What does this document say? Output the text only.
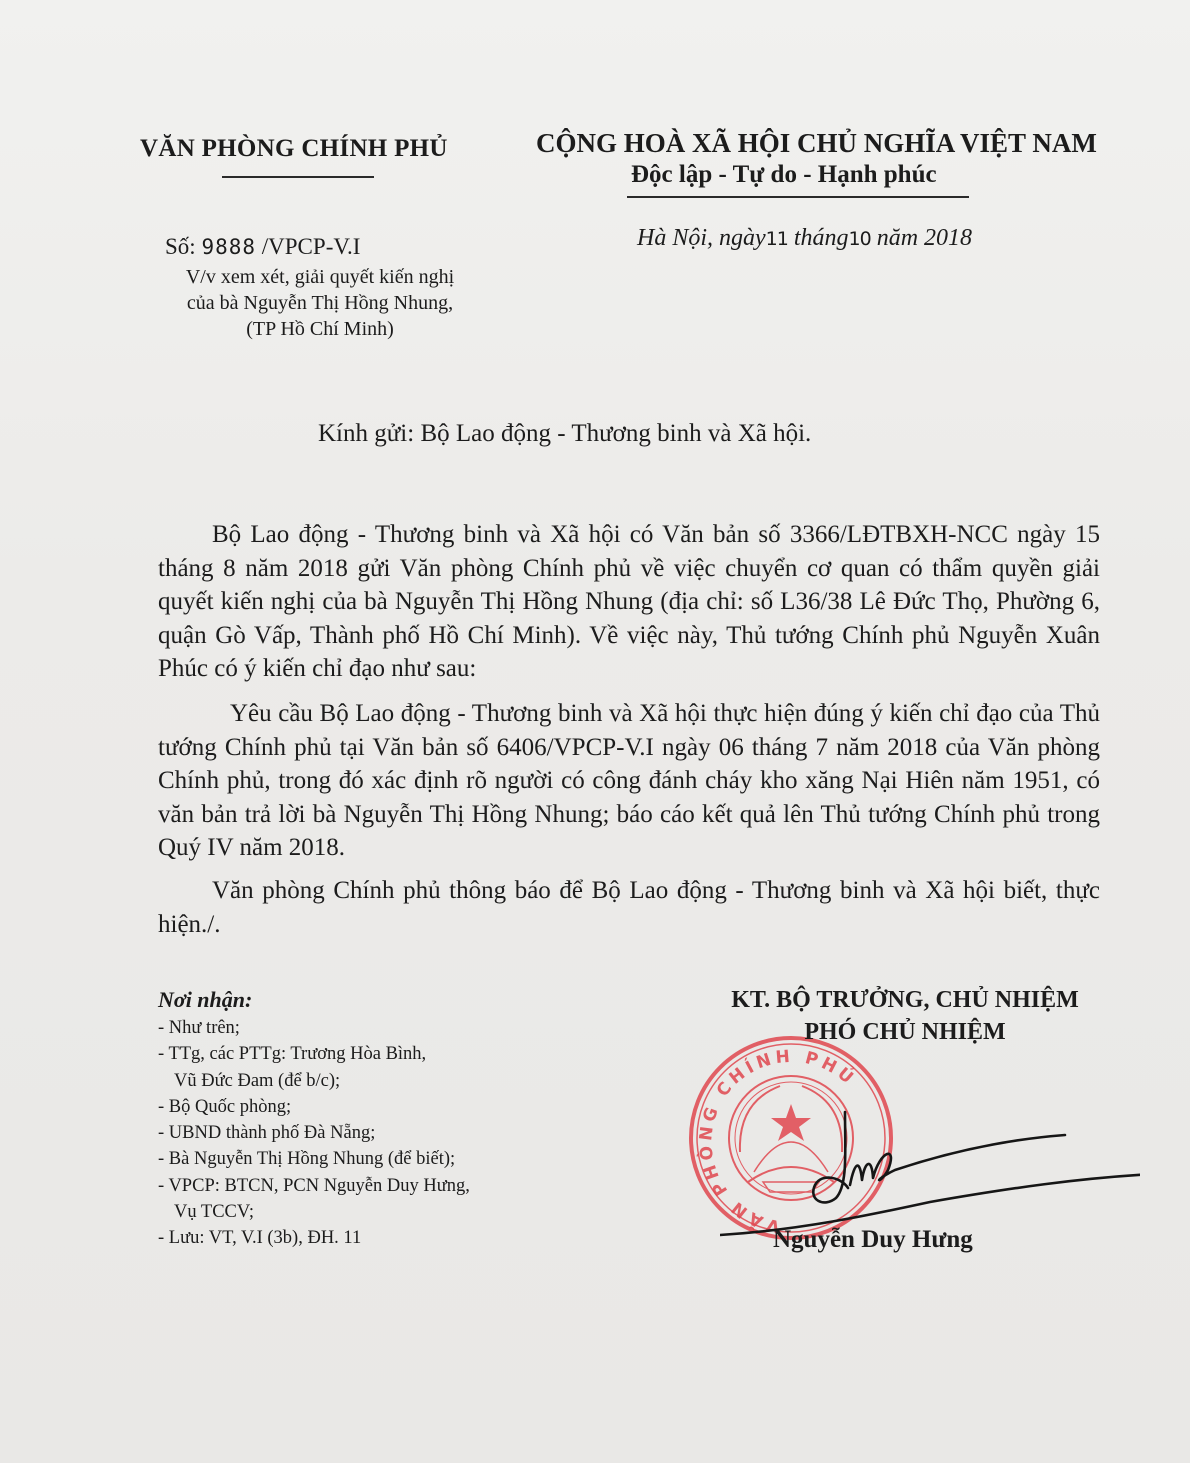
VĂN PHÒNG CHÍNH PHỦ	CỘNG HOÀ XÃ HỘI CHỦ NGHĨA VIỆT NAM
Độc lập - Tự do - Hạnh phúc
Số: 9888 /VPCP-V.I
V/v xem xét, giải quyết kiến nghị
của bà Nguyễn Thị Hồng Nhung,
(TP Hồ Chí Minh)
Hà Nội, ngày11 tháng10 năm 2018
Kính gửi: Bộ Lao động - Thương binh và Xã hội.
Bộ Lao động - Thương binh và Xã hội có Văn bản số 3366/LĐTBXH-NCC ngày 15 tháng 8 năm 2018 gửi Văn phòng Chính phủ về việc chuyển cơ quan có thẩm quyền giải quyết kiến nghị của bà Nguyễn Thị Hồng Nhung (địa chỉ: số L36/38 Lê Đức Thọ, Phường 6, quận Gò Vấp, Thành phố Hồ Chí Minh). Về việc này, Thủ tướng Chính phủ Nguyễn Xuân Phúc có ý kiến chỉ đạo như sau:
Yêu cầu Bộ Lao động - Thương binh và Xã hội thực hiện đúng ý kiến chỉ đạo của Thủ tướng Chính phủ tại Văn bản số 6406/VPCP-V.I ngày 06 tháng 7 năm 2018 của Văn phòng Chính phủ, trong đó xác định rõ người có công đánh cháy kho xăng Nại Hiên năm 1951, có văn bản trả lời bà Nguyễn Thị Hồng Nhung; báo cáo kết quả lên Thủ tướng Chính phủ trong Quý IV năm 2018.
Văn phòng Chính phủ thông báo để Bộ Lao động - Thương binh và Xã hội biết, thực hiện./.
Nơi nhận:
- Như trên;
- TTg, các PTTg: Trương Hòa Bình,
Vũ Đức Đam (để b/c);
- Bộ Quốc phòng;
- UBND thành phố Đà Nẵng;
- Bà Nguyễn Thị Hồng Nhung (để biết);
- VPCP: BTCN, PCN Nguyễn Duy Hưng,
Vụ TCCV;
- Lưu: VT, V.I (3b), ĐH. 11
VĂN PHÒNG CHÍNH PHỦ
KT. BỘ TRƯỞNG, CHỦ NHIỆM
PHÓ CHỦ NHIỆM
Nguyễn Duy Hưng
